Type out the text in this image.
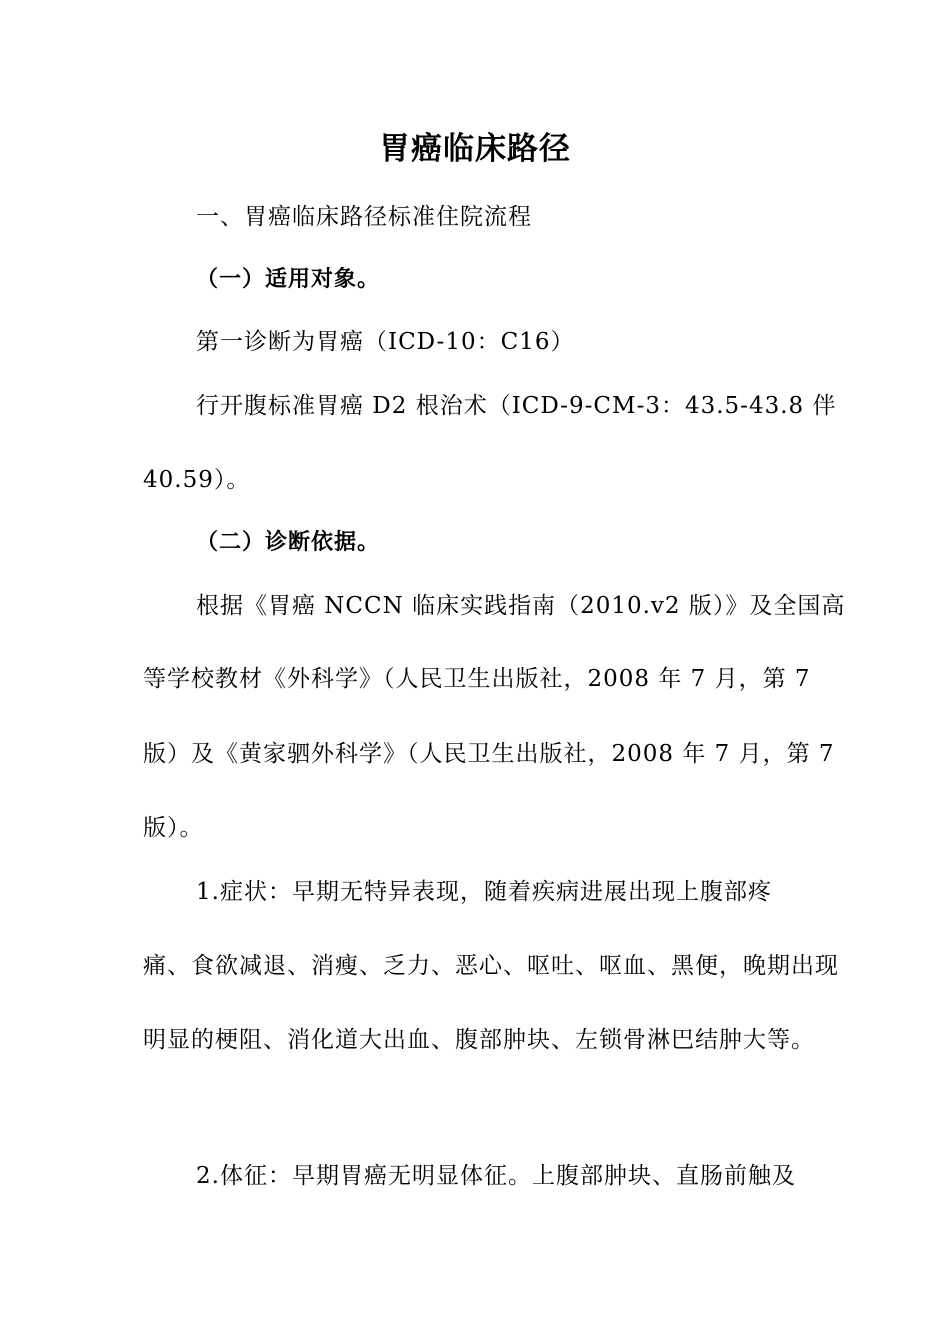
胃癌临床路径
一、胃癌临床路径标准住院流程
（一）适用对象。
第一诊断为胃癌（ICD-10：C16）
行开腹标准胃癌 D2 根治术（ICD-9-CM-3：43.5-43.8 伴
40.59）。
（二）诊断依据。
根据《胃癌 NCCN 临床实践指南（2010.v2 版）》及全国高
等学校教材《外科学》（人民卫生出版社，2008 年 7 月，第 7
版）及《黄家驷外科学》（人民卫生出版社，2008 年 7 月，第 7
版）。
1.症状：早期无特异表现，随着疾病进展出现上腹部疼
痛、食欲减退、消瘦、乏力、恶心、呕吐、呕血、黑便，晚期出现
明显的梗阻、消化道大出血、腹部肿块、左锁骨淋巴结肿大等。
2.体征：早期胃癌无明显体征。上腹部肿块、直肠前触及
